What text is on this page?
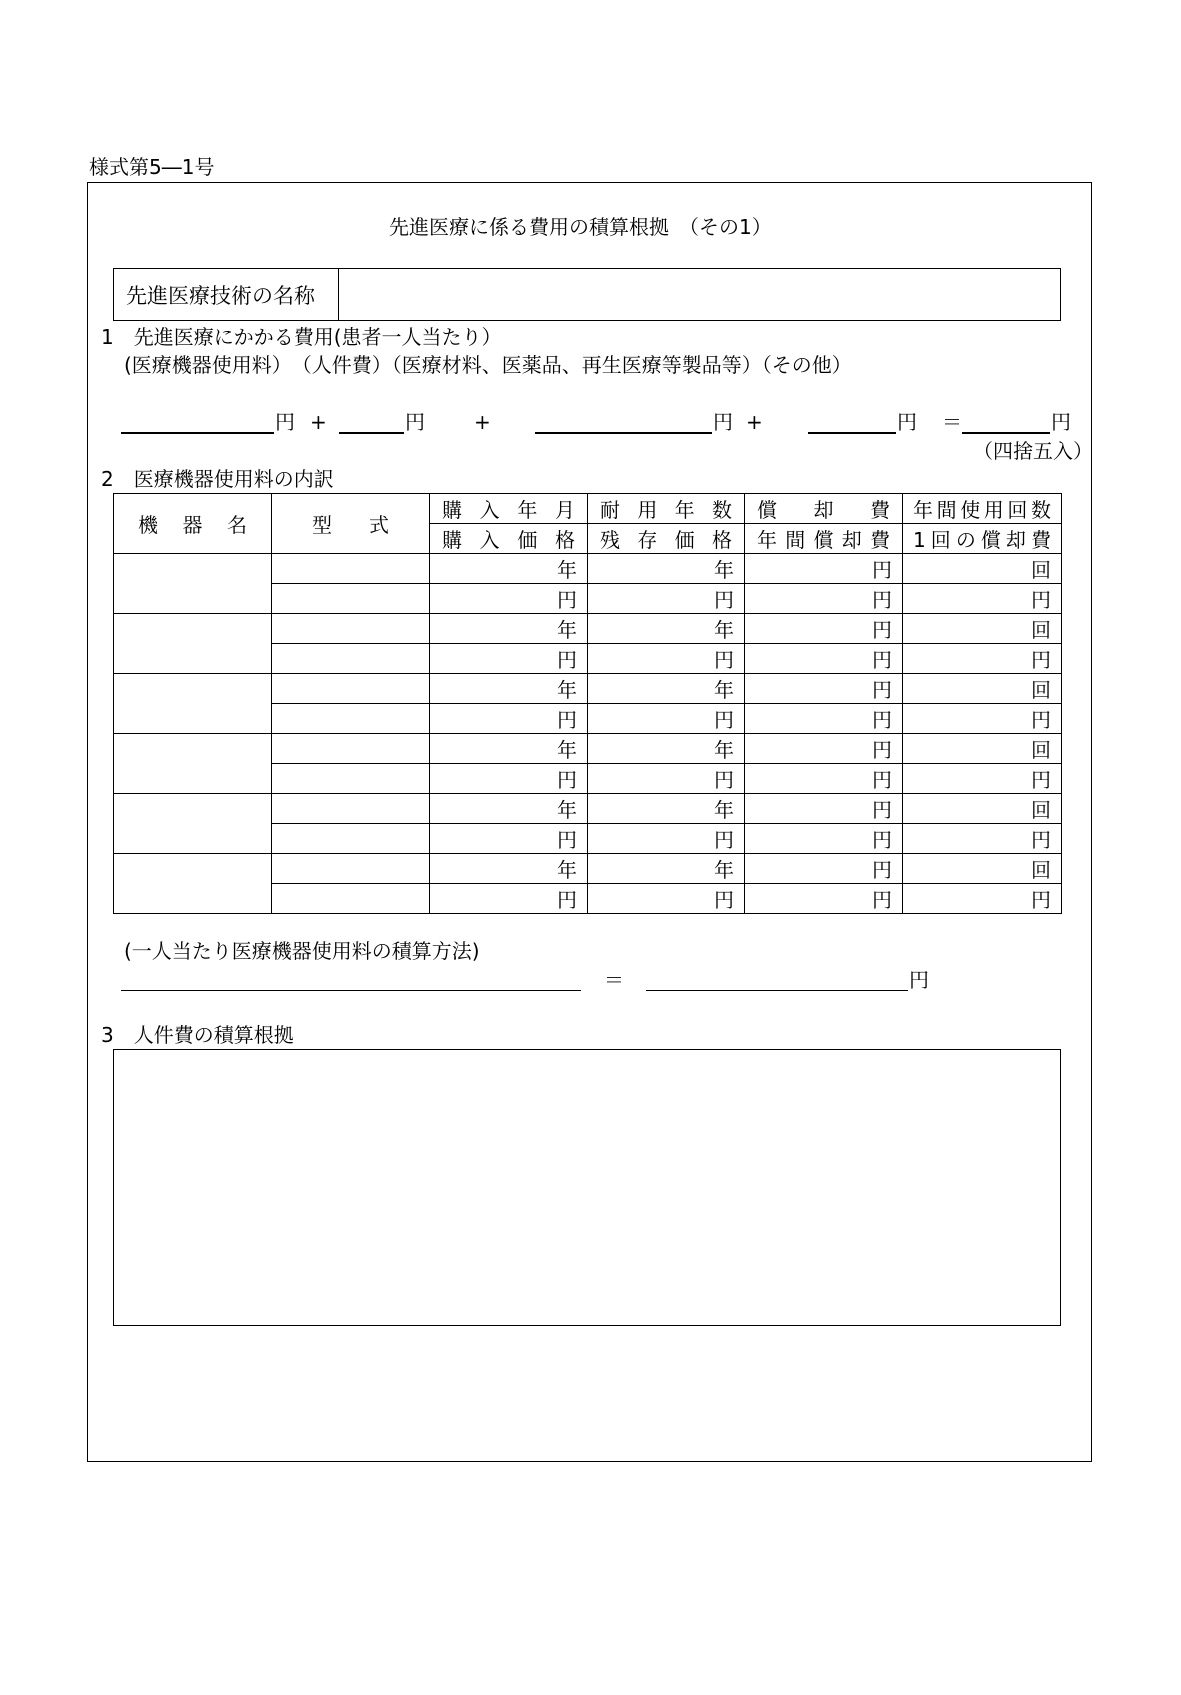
様式第5―1号
先進医療に係る費用の積算根拠　（その1）
先進医療技術の名称
1　先進医療にかかる費用(患者一人当たり）
(医療機器使用料）　（人件費）（医療材料、医薬品、再生医療等製品等）（その他）
円 +	円 +	円 +	円 ＝	円
（四捨五入）
2　医療機器使用料の内訳
機器名	型式	購入年月	耐用年数	償却費	年間使用回数
		購入価格	残存価格	年間償却費	1回の償却費
		年	年	円	回
		円	円	円	円
		年	年	円	回
		円	円	円	円
		年	年	円	回
		円	円	円	円
		年	年	円	回
		円	円	円	円
		年	年	円	回
		円	円	円	円
		年	年	円	回
		円	円	円	円
(一人当たり医療機器使用料の積算方法)
＝	円
3　人件費の積算根拠
